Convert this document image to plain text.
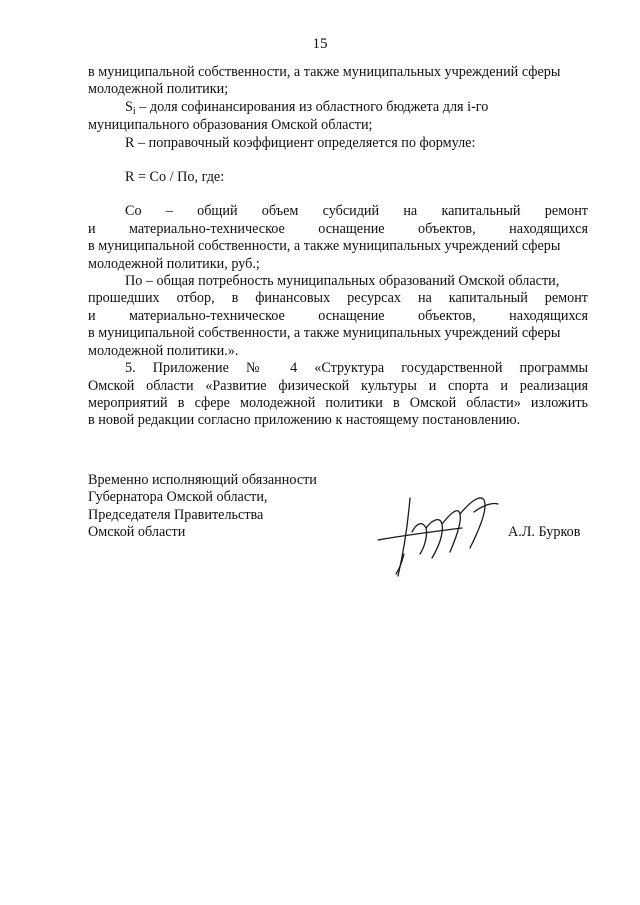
15

в муниципальной собственности, а также муниципальных учреждений сферы

молодежной политики;

$S_i$ – доля софинансирования из областного бюджета для i-го

муниципального образования Омской области;

R – поправочный коэффициент определяется по формуле:

R = Со / По, где:

Со – общий объем субсидий на капитальный ремонт

и материально-техническое оснащение объектов, находящихся

в муниципальной собственности, а также муниципальных учреждений сферы

молодежной политики, руб.;

По – общая потребность муниципальных образований Омской области,

прошедших отбор, в финансовых ресурсах на капитальный ремонт

и материально-техническое оснащение объектов, находящихся

в муниципальной собственности, а также муниципальных учреждений сферы

молодежной политики.».

5. Приложение № 4 «Структура государственной программы

Омской области «Развитие физической культуры и спорта и реализация

мероприятий в сфере молодежной политики в Омской области» изложить

в новой редакции согласно приложению к настоящему постановлению.

Временно исполняющий обязанности

Губернатора Омской области,

Председателя Правительства

Омской области	А.Л. Бурков
